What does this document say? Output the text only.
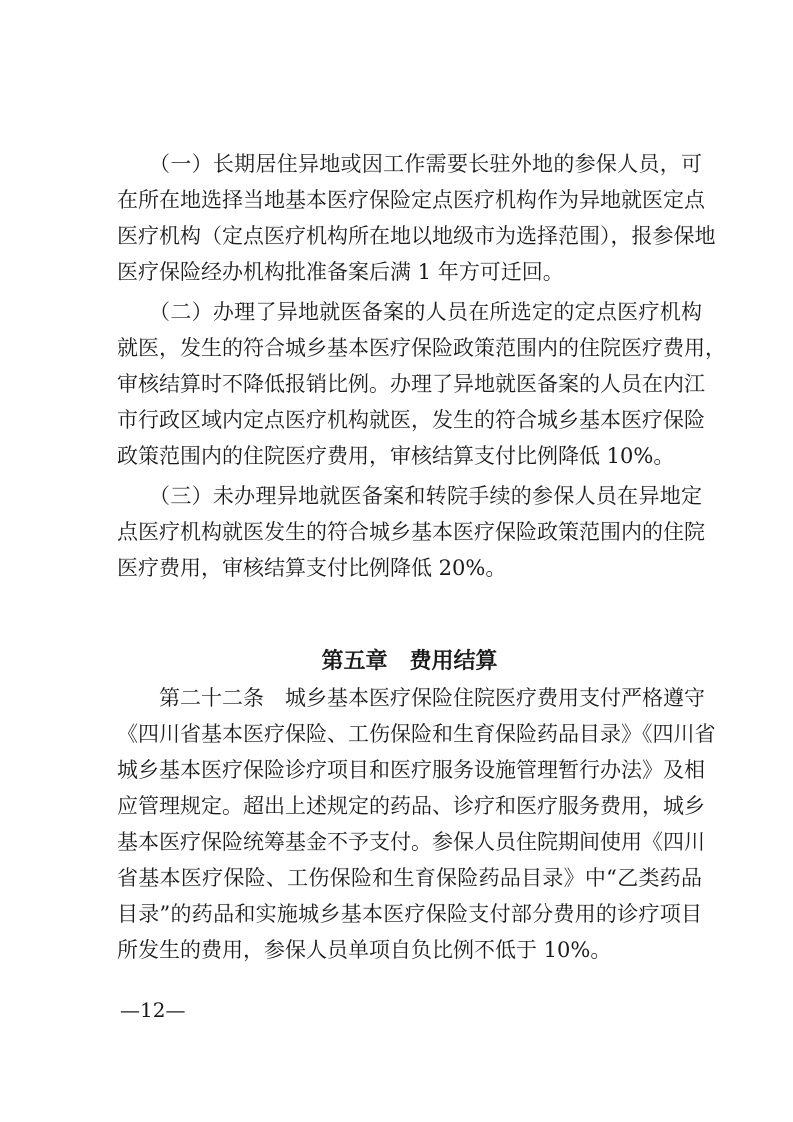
　　（一）长期居住异地或因工作需要长驻外地的参保人员，可
在所在地选择当地基本医疗保险定点医疗机构作为异地就医定点
医疗机构（定点医疗机构所在地以地级市为选择范围），报参保地
医疗保险经办机构批准备案后满 1 年方可迁回。
　　（二）办理了异地就医备案的人员在所选定的定点医疗机构
就医，发生的符合城乡基本医疗保险政策范围内的住院医疗费用，
审核结算时不降低报销比例。办理了异地就医备案的人员在内江
市行政区域内定点医疗机构就医，发生的符合城乡基本医疗保险
政策范围内的住院医疗费用，审核结算支付比例降低 10%。
　　（三）未办理异地就医备案和转院手续的参保人员在异地定
点医疗机构就医发生的符合城乡基本医疗保险政策范围内的住院
医疗费用，审核结算支付比例降低 20%。
第五章　费用结算
　　第二十二条　城乡基本医疗保险住院医疗费用支付严格遵守
《四川省基本医疗保险、工伤保险和生育保险药品目录》《四川省
城乡基本医疗保险诊疗项目和医疗服务设施管理暂行办法》及相
应管理规定。超出上述规定的药品、诊疗和医疗服务费用，城乡
基本医疗保险统筹基金不予支付。参保人员住院期间使用《四川
省基本医疗保险、工伤保险和生育保险药品目录》中“乙类药品
目录”的药品和实施城乡基本医疗保险支付部分费用的诊疗项目
所发生的费用，参保人员单项自负比例不低于 10%。
—12—
